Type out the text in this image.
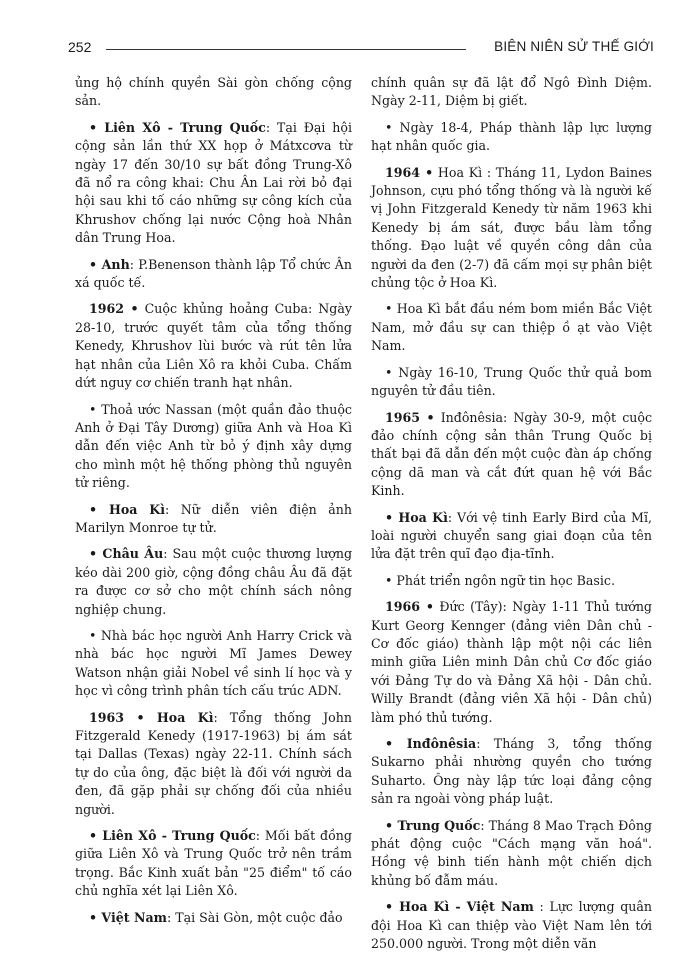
252	BIÊN NIÊN SỬ THẾ GIỚI

ủng hộ chính quyền Sài gòn chống cộng sản.

• Liên Xô - Trung Quốc: Tại Đại hội cộng sản lần thứ XX họp ở Mátxcơva từ ngày 17 đến 30/10 sự bất đồng Trung-Xô đã nổ ra công khai: Chu Ân Lai rời bỏ đại hội sau khi tố cáo những sự công kích của Khrushov chống lại nước Cộng hoà Nhân dân Trung Hoa.

• Anh: P.Benenson thành lập Tổ chức Ân xá quốc tế.

1962 • Cuộc khủng hoảng Cuba: Ngày 28-10, trước quyết tâm của tổng thống Kenedy, Khrushov lùi bước và rút tên lửa hạt nhân của Liên Xô ra khỏi Cuba. Chấm dứt nguy cơ chiến tranh hạt nhân.

• Thoả ước Nassan (một quần đảo thuộc Anh ở Đại Tây Dương) giữa Anh và Hoa Kì dẫn đến việc Anh từ bỏ ý định xây dựng cho mình một hệ thống phòng thủ nguyên tử riêng.

• Hoa Kì: Nữ diễn viên điện ảnh Marilyn Monroe tự tử.

• Châu Âu: Sau một cuộc thương lượng kéo dài 200 giờ, cộng đồng châu Âu đã đặt ra được cơ sở cho một chính sách nông nghiệp chung.

• Nhà bác học người Anh Harry Crick và nhà bác học người Mĩ James Dewey Watson nhận giải Nobel về sinh lí học và y học vì công trình phân tích cấu trúc ADN.

1963 • Hoa Kì: Tổng thống John Fitzgerald Kenedy (1917-1963) bị ám sát tại Dallas (Texas) ngày 22-11. Chính sách tự do của ông, đặc biệt là đối với người da đen, đã gặp phải sự chống đối của nhiều người.

• Liên Xô - Trung Quốc: Mối bất đồng giữa Liên Xô và Trung Quốc trở nên trầm trọng. Bắc Kinh xuất bản "25 điểm" tố cáo chủ nghĩa xét lại Liên Xô.

• Việt Nam: Tại Sài Gòn, một cuộc đảo

chính quân sự đã lật đổ Ngô Đình Diệm. Ngày 2-11, Diệm bị giết.

• Ngày 18-4, Pháp thành lập lực lượng hạt nhân quốc gia.

1964 • Hoa Kì : Tháng 11, Lydon Baines Johnson, cựu phó tổng thống và là người kế vị John Fitzgerald Kenedy từ năm 1963 khi Kenedy bị ám sát, được bầu làm tổng thống. Đạo luật về quyền công dân của người da đen (2-7) đã cấm mọi sự phân biệt chủng tộc ở Hoa Kì.

• Hoa Kì bắt đầu ném bom miền Bắc Việt Nam, mở đầu sự can thiệp ồ ạt vào Việt Nam.

• Ngày 16-10, Trung Quốc thử quả bom nguyên tử đầu tiên.

1965 • Inđônêsia: Ngày 30-9, một cuộc đảo chính cộng sản thân Trung Quốc bị thất bại đã dẫn đến một cuộc đàn áp chống cộng dã man và cắt đứt quan hệ với Bắc Kinh.

• Hoa Kì: Với vệ tinh Early Bird của Mĩ, loài người chuyển sang giai đoạn của tên lửa đặt trên quĩ đạo địa-tĩnh.

• Phát triển ngôn ngữ tin học Basic.

1966 • Đức (Tây): Ngày 1-11 Thủ tướng Kurt Georg Kennger (đảng viên Dân chủ - Cơ đốc giáo) thành lập một nội các liên minh giữa Liên minh Dân chủ Cơ đốc giáo với Đảng Tự do và Đảng Xã hội - Dân chủ. Willy Brandt (đảng viên Xã hội - Dân chủ) làm phó thủ tướng.

• Inđônêsia: Tháng 3, tổng thống Sukarno phải nhường quyền cho tướng Suharto. Ông này lập tức loại đảng cộng sản ra ngoài vòng pháp luật.

• Trung Quốc: Tháng 8 Mao Trạch Đông phát động cuộc "Cách mạng văn hoá". Hồng vệ binh tiến hành một chiến dịch khủng bố đẫm máu.

• Hoa Kì - Việt Nam : Lực lượng quân đội Hoa Kì can thiệp vào Việt Nam lên tới 250.000 người. Trong một diễn văn
